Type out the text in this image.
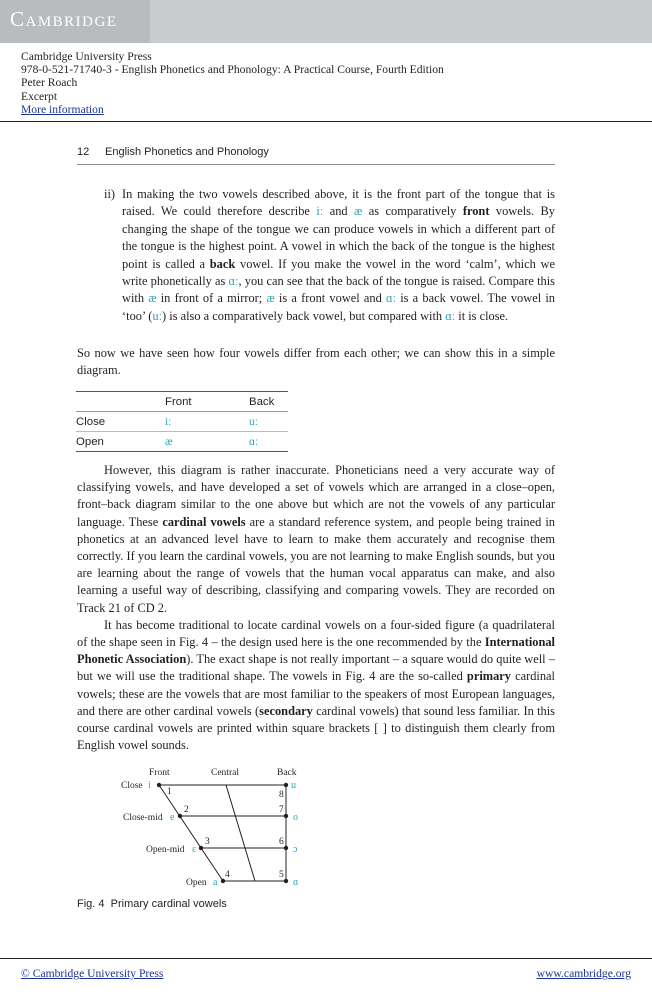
Cambridge
Cambridge University Press
978-0-521-71740-3 - English Phonetics and Phonology: A Practical Course, Fourth Edition
Peter Roach
Excerpt
More information
12 English Phonetics and Phonology
ii) In making the two vowels described above, it is the front part of the tongue that is raised. We could therefore describe iː and æ as comparatively front vowels. By changing the shape of the tongue we can produce vowels in which a different part of the tongue is the highest point. A vowel in which the back of the tongue is the highest point is called a back vowel. If you make the vowel in the word ‘calm’, which we write phonetically as ɑː, you can see that the back of the tongue is raised. Compare this with æ in front of a mirror; æ is a front vowel and ɑː is a back vowel. The vowel in ‘too’ (uː) is also a comparatively back vowel, but compared with ɑː it is close.

So now we have seen how four vowels differ from each other; we can show this in a simple diagram.

	Front	Back
Close	iː	uː
Open	æ	ɑː

However, this diagram is rather inaccurate. Phoneticians need a very accurate way of classifying vowels, and have developed a set of vowels which are arranged in a close–open, front–back diagram similar to the one above but which are not the vowels of any particular language. These cardinal vowels are a standard reference system, and people being trained in phonetics at an advanced level have to learn to make them accurately and recognise them correctly. If you learn the cardinal vowels, you are not learning to make English sounds, but you are learning about the range of vowels that the human vocal apparatus can make, and also learning a useful way of describing, classifying and comparing vowels. They are recorded on Track 21 of CD 2.

It has become traditional to locate cardinal vowels on a four-sided figure (a quadrilateral of the shape seen in Fig. 4 – the design used here is the one recommended by the International Phonetic Association). The exact shape is not really important – a square would do quite well – but we will use the traditional shape. The vowels in Fig. 4 are the so-called primary cardinal vowels; these are the vowels that are most familiar to the speakers of most European languages, and there are other cardinal vowels (secondary cardinal vowels) that sound less familiar. In this course cardinal vowels are printed within square brackets [ ] to distinguish them clearly from English vowel sounds.

Front	Central	Back
Close
Close-mid
Open-mid
Open
1
2
3
4	5
6
7
8
i
e
ɛ
a	ɑ
ɔ
o
u
Fig. 4 Primary cardinal vowels
© Cambridge University Press	www.cambridge.org
